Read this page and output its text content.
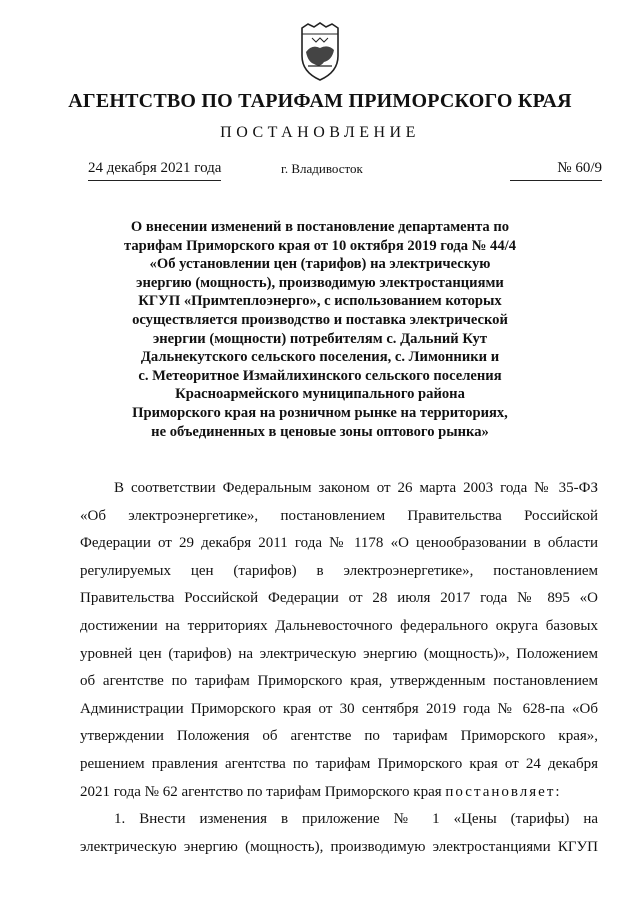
АГЕНТСТВО ПО ТАРИФАМ ПРИМОРСКОГО КРАЯ
ПОСТАНОВЛЕНИЕ
24 декабря 2021 года	г. Владивосток	№ 60/9
О внесении изменений в постановление департамента по
тарифам Приморского края от 10 октября 2019 года № 44/4
«Об установлении цен (тарифов) на электрическую
энергию (мощность), производимую электростанциями
КГУП «Примтеплоэнерго», с использованием которых
осуществляется производство и поставка электрической
энергии (мощности) потребителям с. Дальний Кут
Дальнекутского сельского поселения, с. Лимонники и
с. Метеоритное Измайлихинского сельского поселения
Красноармейского муниципального района
Приморского края на розничном рынке на территориях,
не объединенных в ценовые зоны оптового рынка»
В соответствии Федеральным законом от 26 марта 2003 года № 35-ФЗ
«Об электроэнергетике», постановлением Правительства Российской
Федерации от 29 декабря 2011 года № 1178 «О ценообразовании в области
регулируемых цен (тарифов) в электроэнергетике», постановлением
Правительства Российской Федерации от 28 июля 2017 года № 895 «О
достижении на территориях Дальневосточного федерального округа базовых
уровней цен (тарифов) на электрическую энергию (мощность)», Положением
об агентстве по тарифам Приморского края, утвержденным постановлением
Администрации Приморского края от 30 сентября 2019 года № 628-па «Об
утверждении Положения об агентстве по тарифам Приморского края»,
решением правления агентства по тарифам Приморского края от 24 декабря
2021 года № 62 агентство по тарифам Приморского края постановляет:
1. Внести изменения в приложение № 1 «Цены (тарифы) на
электрическую энергию (мощность), производимую электростанциями КГУП
